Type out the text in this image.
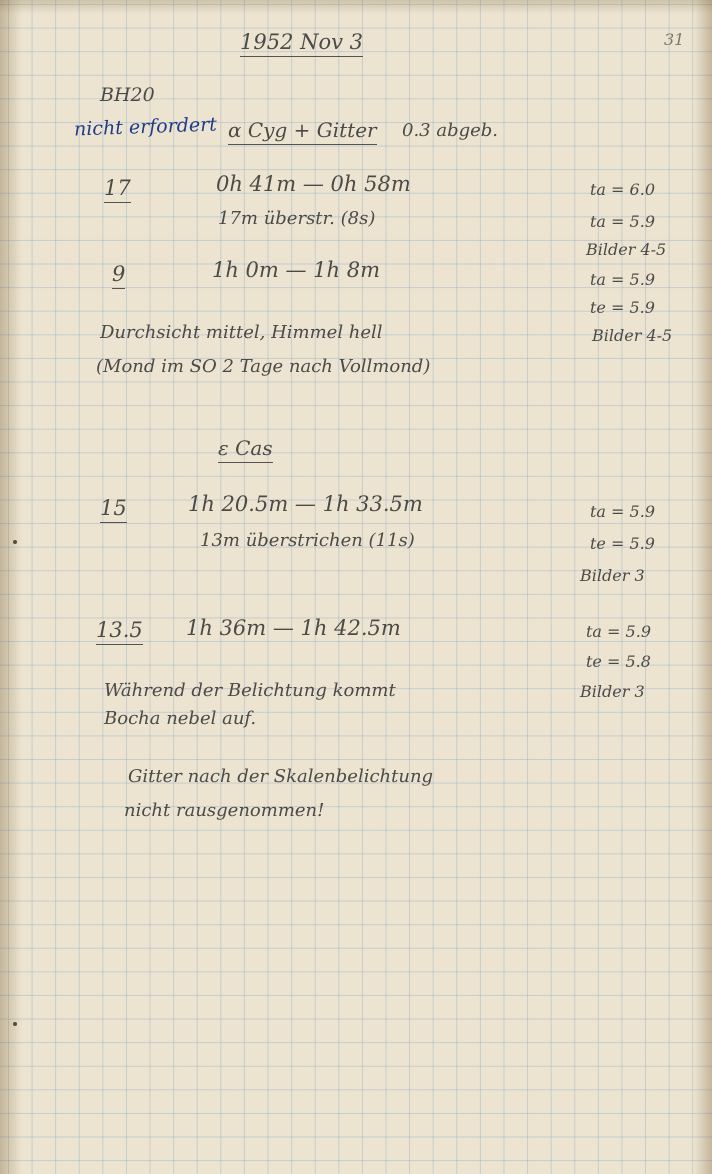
1952 Nov 3	31
BH20
nicht erfordert α Cyg + Gitter 0.3 abgeb.
17	0h 41m — 0h 58m
17m überstr. (8s)
ta = 6.0
ta = 5.9
Bilder 4-5
9	1h 0m — 1h 8m	ta = 5.9
te = 5.9
Bilder 4-5
Durchsicht mittel, Himmel hell
(Mond im SO 2 Tage nach Vollmond)
ε Cas
15	1h 20.5m — 1h 33.5m
13m überstrichen (11s)
ta = 5.9
te = 5.9
Bilder 3
13.5 1h 36m — 1h 42.5m	ta = 5.9
te = 5.8
Bilder 3
Während der Belichtung kommt
Bocha nebel auf.
Gitter nach der Skalenbelichtung
nicht rausgenommen!
